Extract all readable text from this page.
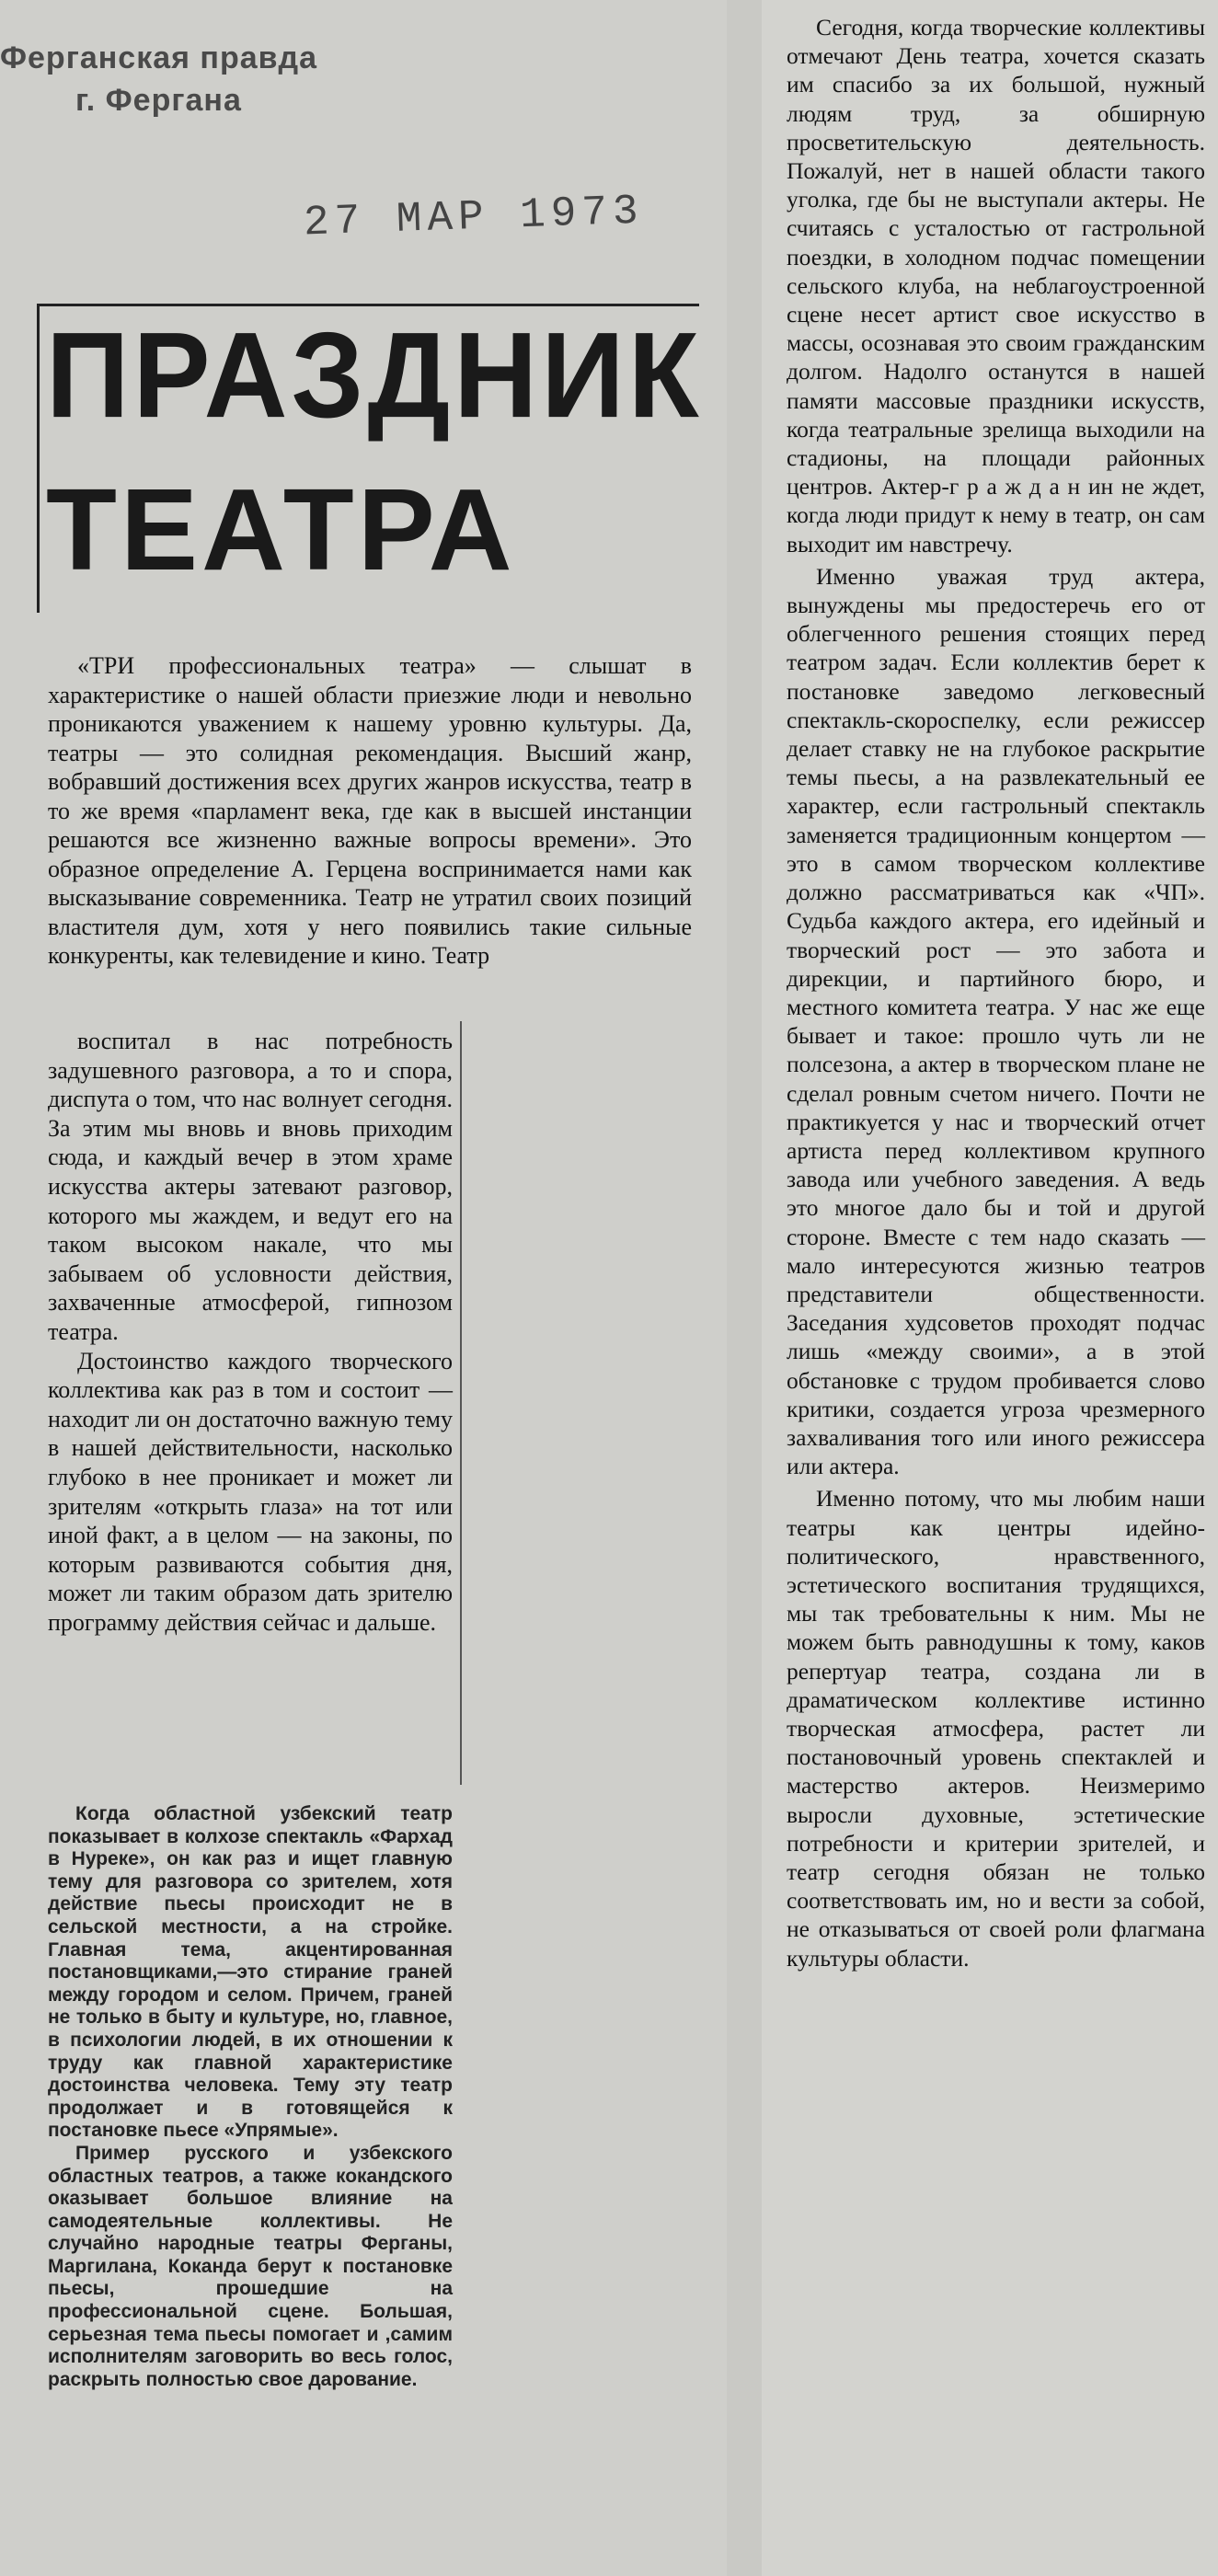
Ферганская правда
г. Фергана
27 МАР 1973
ПРАЗДНИК
ТЕАТРА

«ТРИ профессиональных театра» — слышат в характеристике о нашей области приезжие люди и невольно проникаются уважением к нашему уровню культуры. Да, театры — это солидная рекомендация. Высший жанр, вобравший достижения всех других жанров искусства, театр в то же время «парламент века, где как в высшей инстанции решаются все жизненно важные вопросы времени». Это образное определение А. Герцена воспринимается нами как высказывание современника. Театр не утратил своих позиций властителя дум, хотя у него появились такие сильные конкуренты, как телевидение и кино. Театр

воспитал в нас потребность задушевного разговора, а то и спора, диспута о том, что нас волнует сегодня. За этим мы вновь и вновь приходим сюда, и каждый вечер в этом храме искусства актеры затевают разговор, которого мы жаждем, и ведут его на таком высоком накале, что мы забываем об условности действия, захваченные атмосферой, гипнозом театра.

Достоинство каждого творческого коллектива как раз в том и состоит — находит ли он достаточно важную тему в нашей действительности, насколько глубоко в нее проникает и может ли зрителям «открыть глаза» на тот или иной факт, а в целом — на законы, по которым развиваются события дня, может ли таким образом дать зрителю программу действия сейчас и дальше.

Когда областной узбекский театр показывает в колхозе спектакль «Фархад в Нуреке», он как раз и ищет главную тему для разговора со зрителем, хотя действие пьесы происходит не в сельской местности, а на стройке. Главная тема, акцентированная постановщиками,—это стирание граней между городом и селом. Причем, граней не только в быту и культуре, но, главное, в психологии людей, в их отношении к труду как главной характеристике достоинства человека. Тему эту театр продолжает и в готовящейся к постановке пьесе «Упрямые».

Пример русского и узбекского областных театров, а также кокандского оказывает большое влияние на самодеятельные коллективы. Не случайно народные театры Ферганы, Маргилана, Коканда берут к постановке пьесы, прошедшие на профессиональной сцене. Большая, серьезная тема пьесы помогает и ,самим исполнителям заговорить во весь голос, раскрыть полностью свое дарование.

Сегодня, когда творческие коллективы отмечают День театра, хочется сказать им спасибо за их большой, нужный людям труд, за обширную просветительскую деятельность. Пожалуй, нет в нашей области такого уголка, где бы не выступали актеры. Не считаясь с усталостью от гастрольной поездки, в холодном подчас помещении сельского клуба, на неблагоустроенной сцене несет артист свое искусство в массы, осознавая это своим гражданским долгом. Надолго останутся в нашей памяти массовые праздники искусств, когда театральные зрелища выходили на стадионы, на площади районных центров. Актер-г р а ж д а н ин не ждет, когда люди придут к нему в театр, он сам выходит им навстречу.

Именно уважая труд актера, вынуждены мы предостеречь его от облегченного решения стоящих перед театром задач. Если коллектив берет к постановке заведомо легковесный спектакль-скороспелку, если режиссер делает ставку не на глубокое раскрытие темы пьесы, а на развлекательный ее характер, если гастрольный спектакль заменяется традиционным концертом — это в самом творческом коллективе должно рассматриваться как «ЧП». Судьба каждого актера, его идейный и творческий рост — это забота и дирекции, и партийного бюро, и местного комитета театра. У нас же еще бывает и такое: прошло чуть ли не полсезона, а актер в творческом плане не сделал ровным счетом ничего. Почти не практикуется у нас и творческий отчет артиста перед коллективом крупного завода или учебного заведения. А ведь это многое дало бы и той и другой стороне. Вместе с тем надо сказать — мало интересуются жизнью театров представители общественности. Заседания худсоветов проходят подчас лишь «между своими», а в этой обстановке с трудом пробивается слово критики, создается угроза чрезмерного захваливания того или иного режиссера или актера.

Именно потому, что мы любим наши театры как центры идейно-политического, нравственного, эстетического воспитания трудящихся, мы так требовательны к ним. Мы не можем быть равнодушны к тому, каков репертуар театра, создана ли в драматическом коллективе истинно творческая атмосфера, растет ли постановочный уровень спектаклей и мастерство актеров. Неизмеримо выросли духовные, эстетические потребности и критерии зрителей, и театр сегодня обязан не только соответствовать им, но и вести за собой, не отказываться от своей роли флагмана культуры области.
